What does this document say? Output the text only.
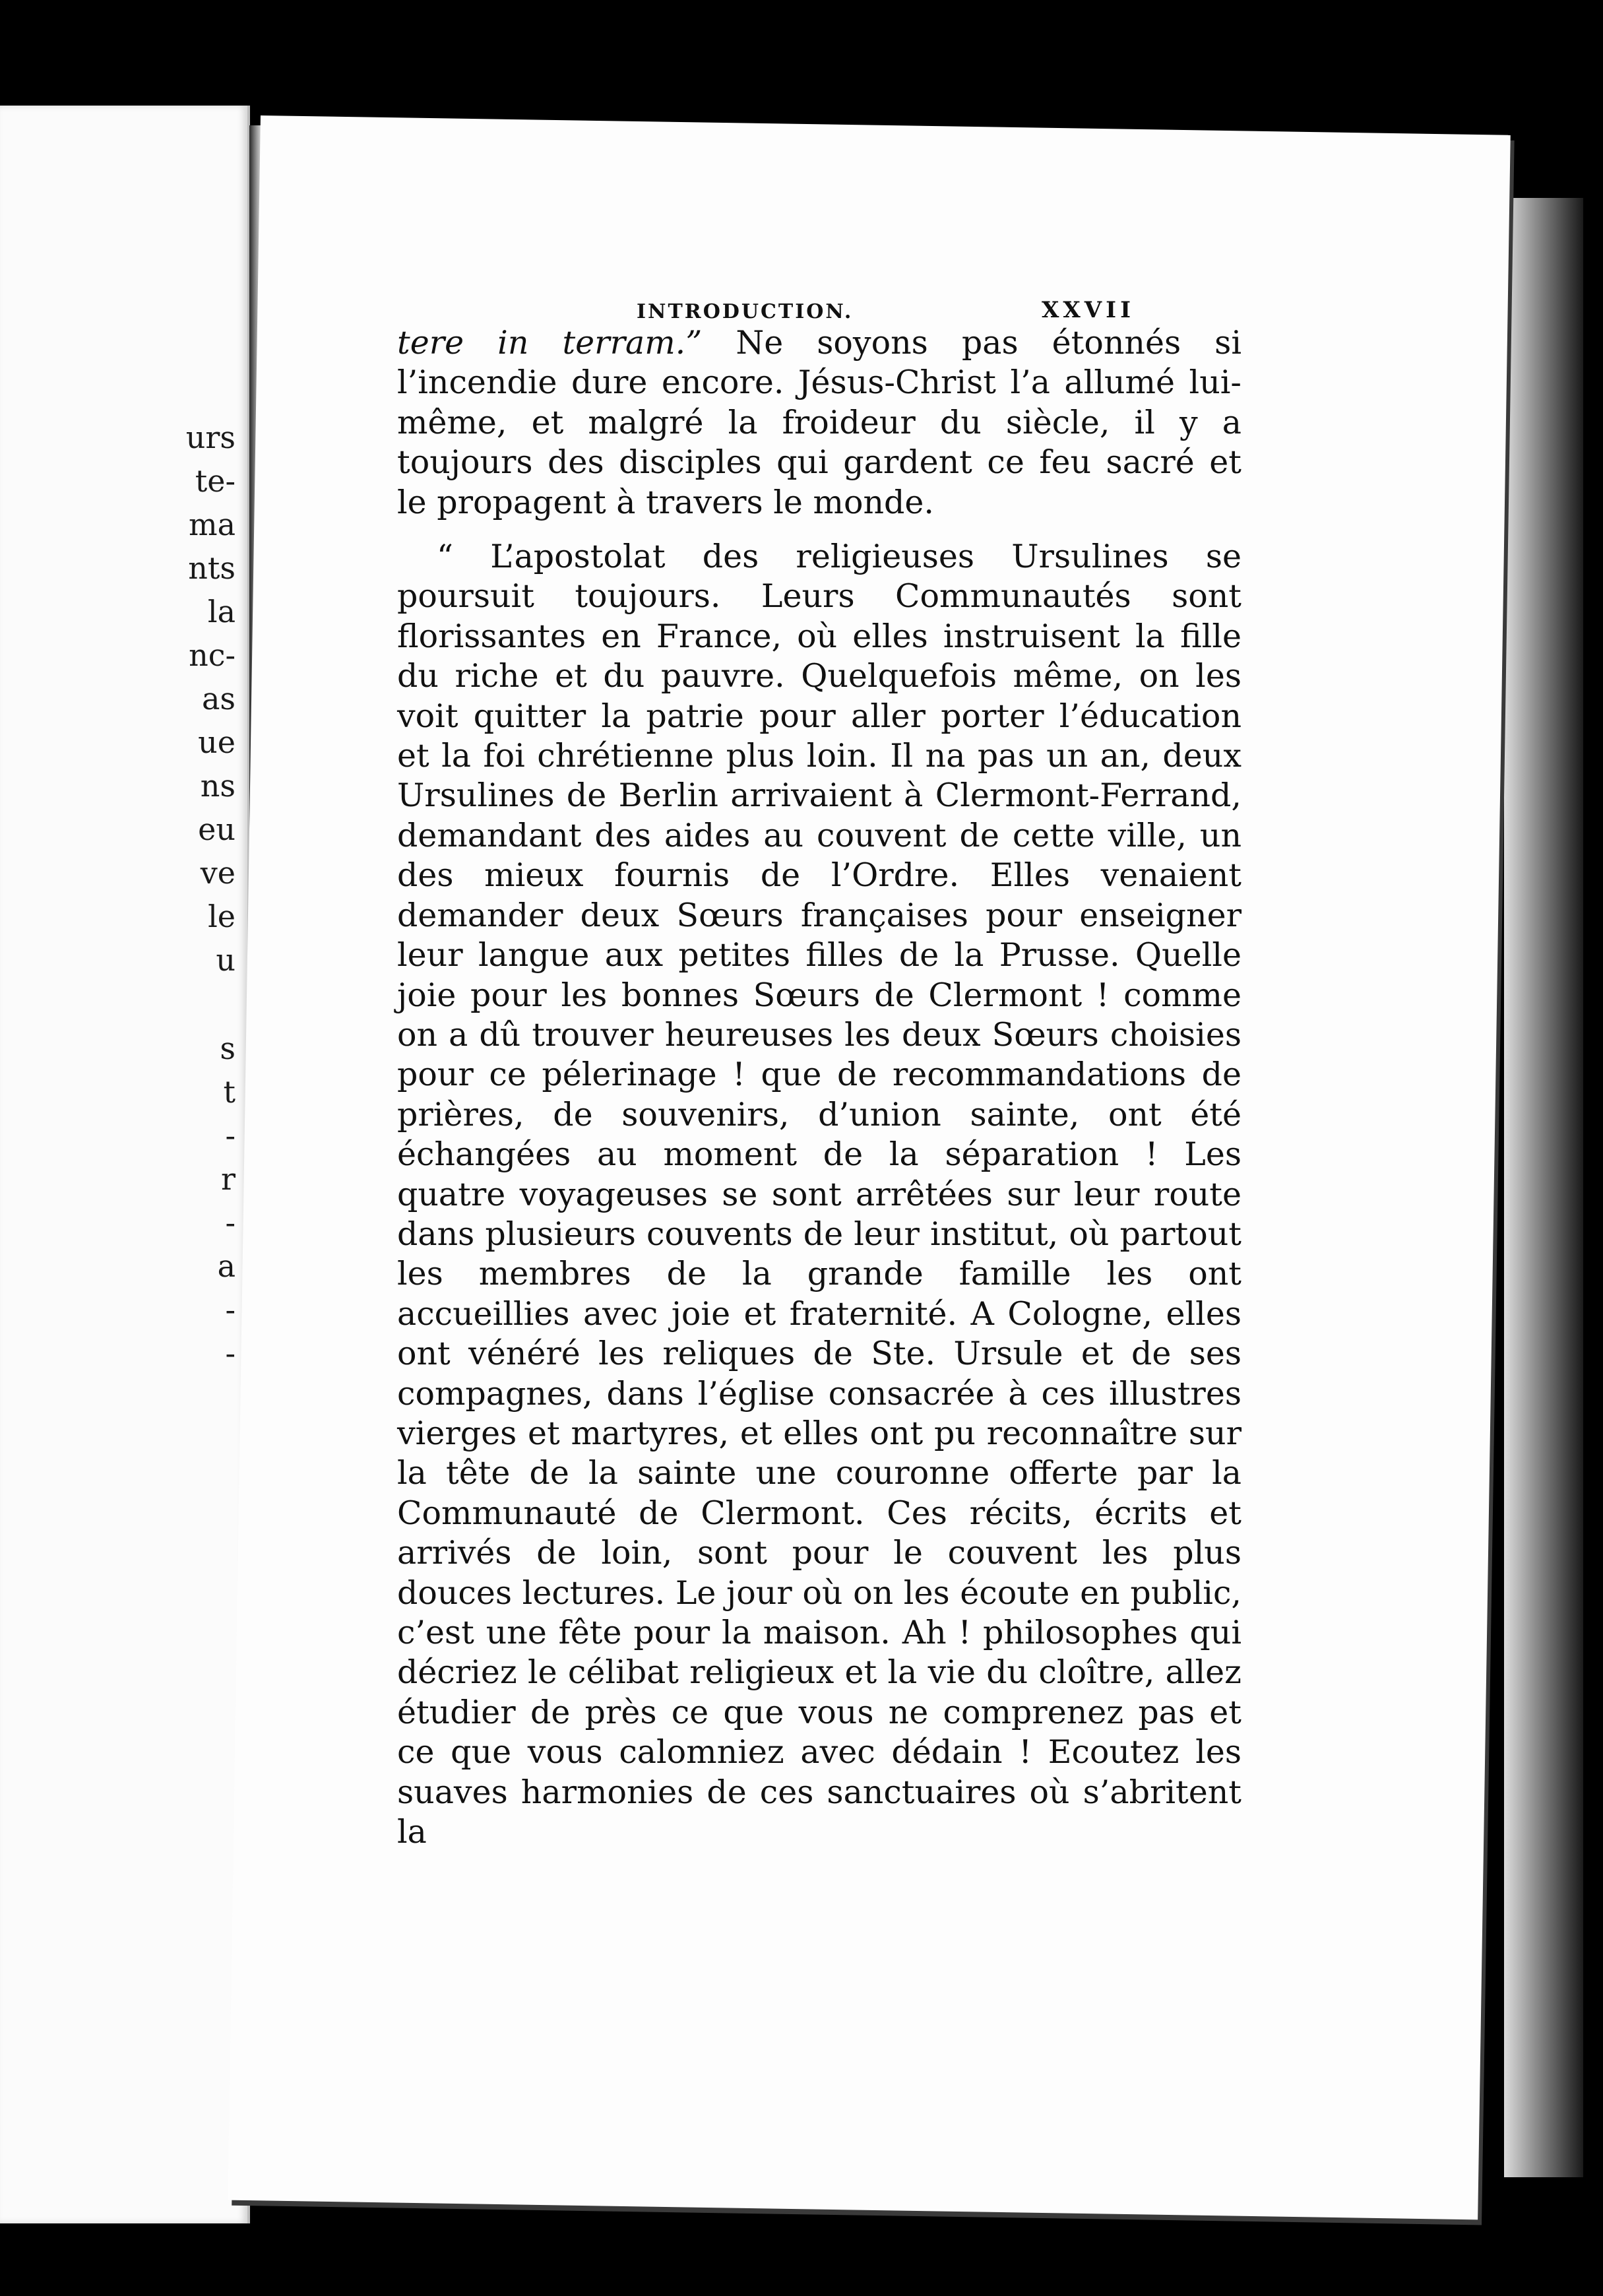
urs
te-
ma
nts
la
nc-
as
ue
ns
eu
ve
le
u
s
t
-
r
-
a
-
-
INTRODUCTION.	XXVII

tere in terram.” Ne soyons pas étonnés si l’incendie dure encore. Jésus-Christ l’a allumé lui-même, et malgré la froideur du siècle, il y a toujours des disciples qui gardent ce feu sacré et le propagent à travers le monde.

“ L’apostolat des religieuses Ursulines se poursuit toujours. Leurs Communautés sont florissantes en France, où elles instruisent la fille du riche et du pauvre. Quelquefois même, on les voit quitter la patrie pour aller porter l’éducation et la foi chrétienne plus loin. Il na pas un an, deux Ursulines de Berlin arrivaient à Clermont-Ferrand, demandant des aides au couvent de cette ville, un des mieux fournis de l’Ordre. Elles venaient demander deux Sœurs françaises pour enseigner leur langue aux petites filles de la Prusse. Quelle joie pour les bonnes Sœurs de Clermont ! comme on a dû trouver heureuses les deux Sœurs choisies pour ce pélerinage ! que de recommandations de prières, de souvenirs, d’union sainte, ont été échangées au moment de la séparation ! Les quatre voyageuses se sont arrêtées sur leur route dans plusieurs couvents de leur institut, où partout les membres de la grande famille les ont accueillies avec joie et fraternité. A Cologne, elles ont vénéré les reliques de Ste. Ursule et de ses compagnes, dans l’église consacrée à ces illustres vierges et martyres, et elles ont pu reconnaître sur la tête de la sainte une couronne offerte par la Communauté de Clermont. Ces récits, écrits et arrivés de loin, sont pour le couvent les plus douces lectures. Le jour où on les écoute en public, c’est une fête pour la maison. Ah ! philosophes qui décriez le célibat religieux et la vie du cloître, allez étudier de près ce que vous ne comprenez pas et ce que vous calomniez avec dédain ! Ecoutez les suaves harmonies de ces sanctuaires où s’abritent la
